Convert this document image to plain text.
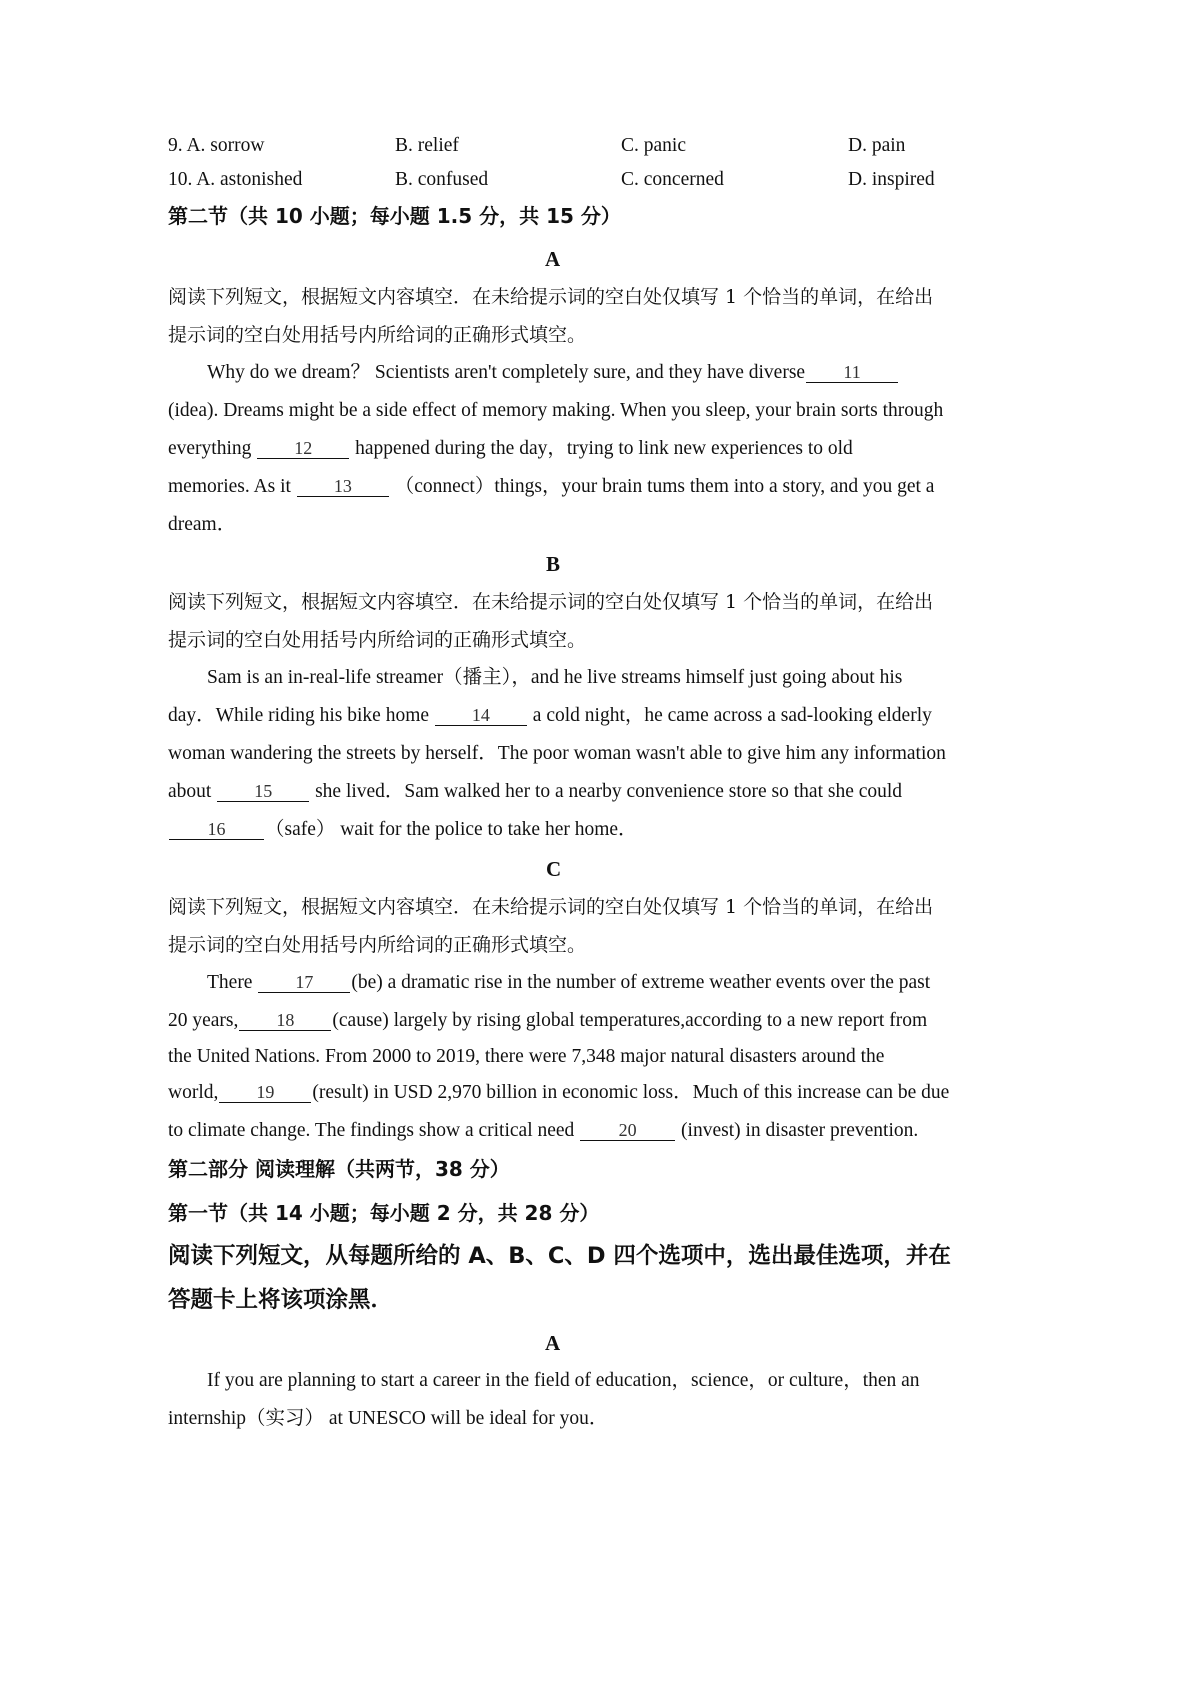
9. A. sorrow	B. relief	C. panic	D. pain
10. A. astonished	B. confused	C. concerned	D. inspired
第二节（共 10 小题；每小题 1.5 分，共 15 分）
A
阅读下列短文，根据短文内容填空．在未给提示词的空白处仅填写 1 个恰当的单词，在给出
提示词的空白处用括号内所给词的正确形式填空。
Why do we dream？ Scientists aren't completely sure, and they have diverse 11
(idea). Dreams might be a side effect of memory making. When you sleep, your brain sorts through
everything 12 happened during the day，trying to link new experiences to old
memories. As it 13 （connect）things，your brain tums them into a story, and you get a
dream．
B
阅读下列短文，根据短文内容填空．在未给提示词的空白处仅填写 1 个恰当的单词，在给出
提示词的空白处用括号内所给词的正确形式填空。
Sam is an in-real-life streamer（播主），and he live streams himself just going about his
day．While riding his bike home 14 a cold night，he came across a sad-looking elderly
woman wandering the streets by herself．The poor woman wasn't able to give him any information
about 15 she lived．Sam walked her to a nearby convenience store so that she could
16 （safe） wait for the police to take her home．
C
阅读下列短文，根据短文内容填空．在未给提示词的空白处仅填写 1 个恰当的单词，在给出
提示词的空白处用括号内所给词的正确形式填空。
There 17 (be) a dramatic rise in the number of extreme weather events over the past
20 years, 18 (cause) largely by rising global temperatures,according to a new report from
the United Nations. From 2000 to 2019, there were 7,348 major natural disasters around the
world, 19 (result) in USD 2,970 billion in economic loss．Much of this increase can be due
to climate change. The findings show a critical need 20 (invest) in disaster prevention.
第二部分 阅读理解（共两节，38 分）
第一节（共 14 小题；每小题 2 分，共 28 分）
阅读下列短文，从每题所给的 A、B、C、D 四个选项中，选出最佳选项，并在
答题卡上将该项涂黑．
A
If you are planning to start a career in the field of education，science，or culture，then an
internship（实习） at UNESCO will be ideal for you．
